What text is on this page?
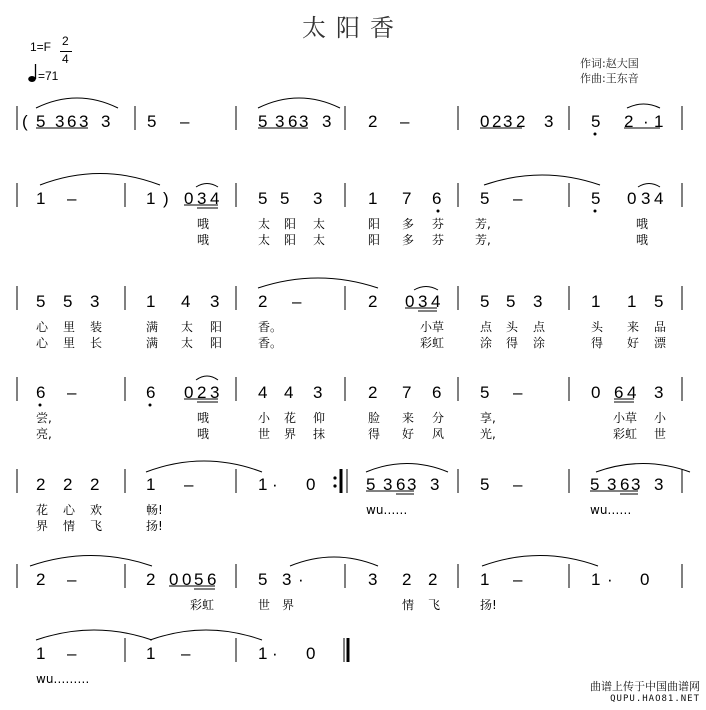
太阳香
1=F 2
4
=71
作词:赵大国
作曲:王东音
( 5 3 6 3 3 5 –	5 3 6 3 3 2 –	0 2 3 2 3 5 2 · 1
1 –	1 ) 0 3 4 5 5 3	1 7 6 5 –	5 0 3 4
哦	太 阳 太	阳 多 芬	芳,	哦
哦	太 阳 太	阳 多 芬	芳,	哦
5 5 3	1 4 3 2 –	2 0 3 4 5 5 3	1 1 5
心 里 装	满 太 阳	香。	小草	点 头 点	头 来 品
心 里 长	满 太 阳	香。	彩虹	涂 得 涂	得 好 漂
6 –	6 0 2 3 4 4 3	2 7 6 5 –	0 6 4 3
尝,	哦	小 花 仰	脸 来 分	享,	小草 小
亮,	哦	世 界 抹	得 好 风	光,	彩虹 世
2 2 2	1 –	1 · 0	5 3 6 3 3 5 –	5 3 6 3 3
花 心 欢	畅!	wu……	wu……
界 情 飞	扬!
2 –	2 0 0 5 6 5 3 ·	3 2 2	1 –	1 · 0
彩虹	世 界	情 飞	扬!
1 –	1 –	1 · 0
wu………
曲谱上传于中国曲谱网
QUPU.HAO81.NET
